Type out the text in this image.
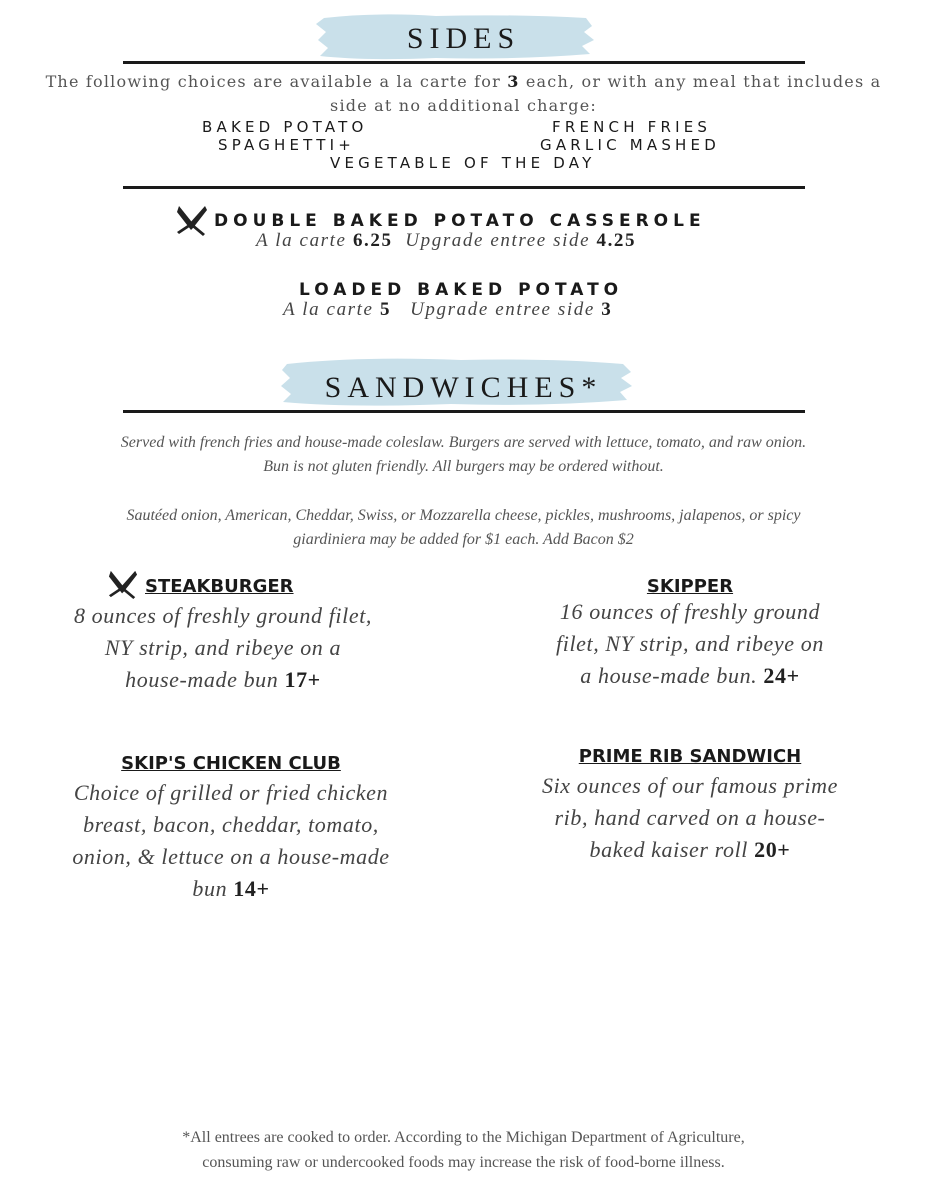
SIDES
The following choices are available a la carte for 3 each, or with any meal that includes a side at no additional charge:
BAKED POTATO	FRENCH FRIES
SPAGHETTI+	GARLIC MASHED
VEGETABLE OF THE DAY
DOUBLE BAKED POTATO CASSEROLE
A la carte 6.25 Upgrade entree side 4.25
LOADED BAKED POTATO
A la carte 5 Upgrade entree side 3
SANDWICHES*
Served with french fries and house-made coleslaw. Burgers are served with lettuce, tomato, and raw onion.
Bun is not gluten friendly. All burgers may be ordered without.
Sautéed onion, American, Cheddar, Swiss, or Mozzarella cheese, pickles, mushrooms, jalapenos, or spicy
giardiniera may be added for $1 each. Add Bacon $2
STEAKBURGER
8 ounces of freshly ground filet,
NY strip, and ribeye on a
house-made bun 17+
SKIPPER
16 ounces of freshly ground
filet, NY strip, and ribeye on
a house-made bun. 24+
SKIP'S CHICKEN CLUB
Choice of grilled or fried chicken
breast, bacon, cheddar, tomato,
onion, & lettuce on a house-made
bun 14+
PRIME RIB SANDWICH
Six ounces of our famous prime
rib, hand carved on a house-
baked kaiser roll 20+
*All entrees are cooked to order. According to the Michigan Department of Agriculture,
consuming raw or undercooked foods may increase the risk of food-borne illness.
